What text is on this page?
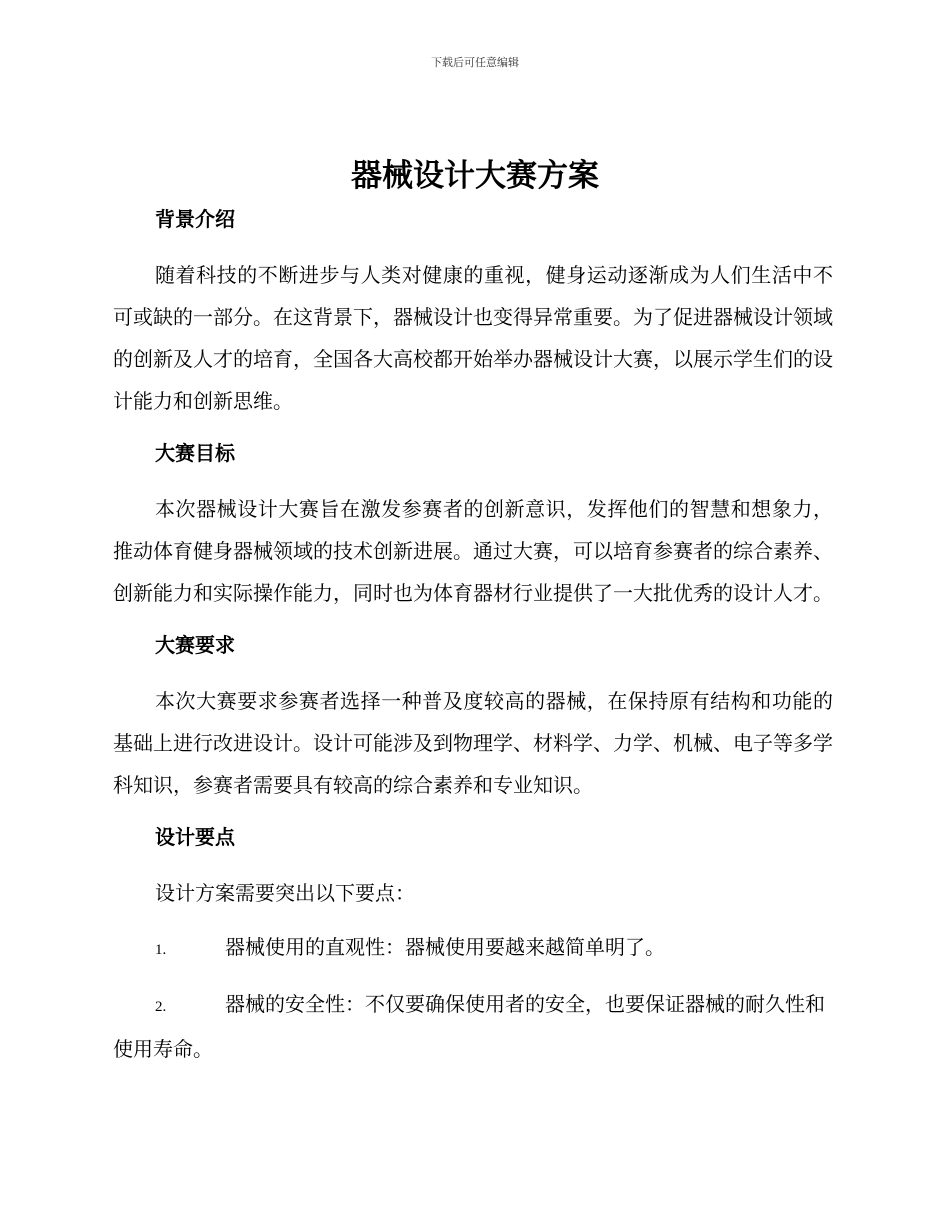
下载后可任意编辑
器械设计大赛方案
背景介绍

随着科技的不断进步与人类对健康的重视，健身运动逐渐成为人们生活中不可或缺的一部分。在这背景下，器械设计也变得异常重要。为了促进器械设计领域的创新及人才的培育，全国各大高校都开始举办器械设计大赛，以展示学生们的设计能力和创新思维。

大赛目标

本次器械设计大赛旨在激发参赛者的创新意识，发挥他们的智慧和想象力，推动体育健身器械领域的技术创新进展。通过大赛，可以培育参赛者的综合素养、创新能力和实际操作能力，同时也为体育器材行业提供了一大批优秀的设计人才。

大赛要求

本次大赛要求参赛者选择一种普及度较高的器械，在保持原有结构和功能的基础上进行改进设计。设计可能涉及到物理学、材料学、力学、机械、电子等多学科知识，参赛者需要具有较高的综合素养和专业知识。

设计要点

设计方案需要突出以下要点：

1.	器械使用的直观性：器械使用要越来越简单明了。

2.	器械的安全性：不仅要确保使用者的安全，也要保证器械的耐久性和使用寿命。
